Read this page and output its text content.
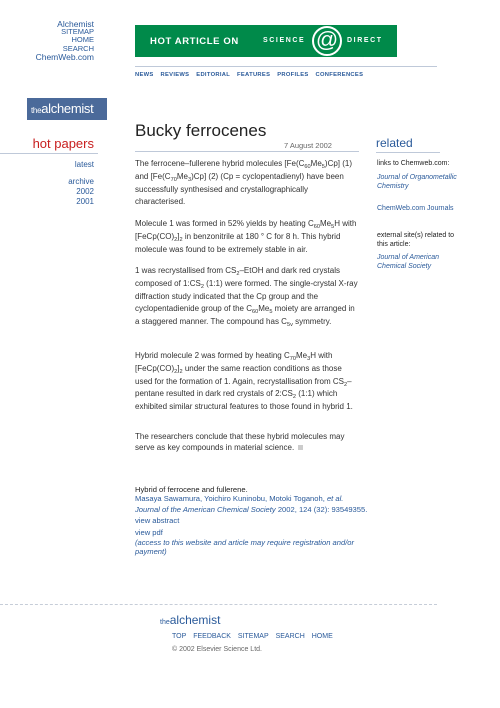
Alchemist
SITEMAP
HOME
SEARCH
ChemWeb.com
HOT ARTICLE ON	SCIENCE @	DIRECT
NEWS REVIEWS EDITORIAL FEATURES PROFILES CONFERENCES
thealchemist
hot papers
latest
archive
2002
2001
Bucky ferrocenes
7 August 2002
The ferrocene–fullerene hybrid molecules $[Fe(C_{60}Me_5)Cp]$ (1) and $[Fe(C_{70}Me_3)Cp]$ (2) (Cp = cyclopentadienyl) have been successfully synthesised and crystallographically characterised.
Molecule 1 was formed in 52% yields by heating $C_{60}Me_5H$ with $[FeCp(CO)_2]_2$ in benzonitrile at 180 ° C for 8 h. This hybrid molecule was found to be extremely stable in air.
1 was recrystallised from $CS_2$–EtOH and dark red crystals composed of $1:CS_2$ (1:1) were formed. The single-crystal X-ray diffraction study indicated that the Cp group and the cyclopentadienide group of the $C_{60}Me_5$ moiety are arranged in a staggered manner. The compound has $C_{5v}$ symmetry.
Hybrid molecule 2 was formed by heating $C_{70}Me_3H$ with $[FeCp(CO)_2]_2$ under the same reaction conditions as those used for the formation of 1. Again, recrystallisation from $CS_2$–pentane resulted in dark red crystals of $2:CS_2$ (1:1) which exhibited similar structural features to those found in hybrid 1.
The researchers conclude that these hybrid molecules may serve as key compounds in material science.
Hybrid of ferrocene and fullerene.
Masaya Sawamura, Yoichiro Kuninobu, Motoki Toganoh, et al.
Journal of the American Chemical Society 2002, 124 (32): 93549355.
view abstract
view pdf
(access to this website and article may require registration and/or payment)
related
links to Chemweb.com:
Journal of Organometallic Chemistry
ChemWeb.com Journals
external site(s) related to this article:
Journal of American Chemical Society
thealchemist
TOP FEEDBACK SITEMAP SEARCH HOME
© 2002 Elsevier Science Ltd.
